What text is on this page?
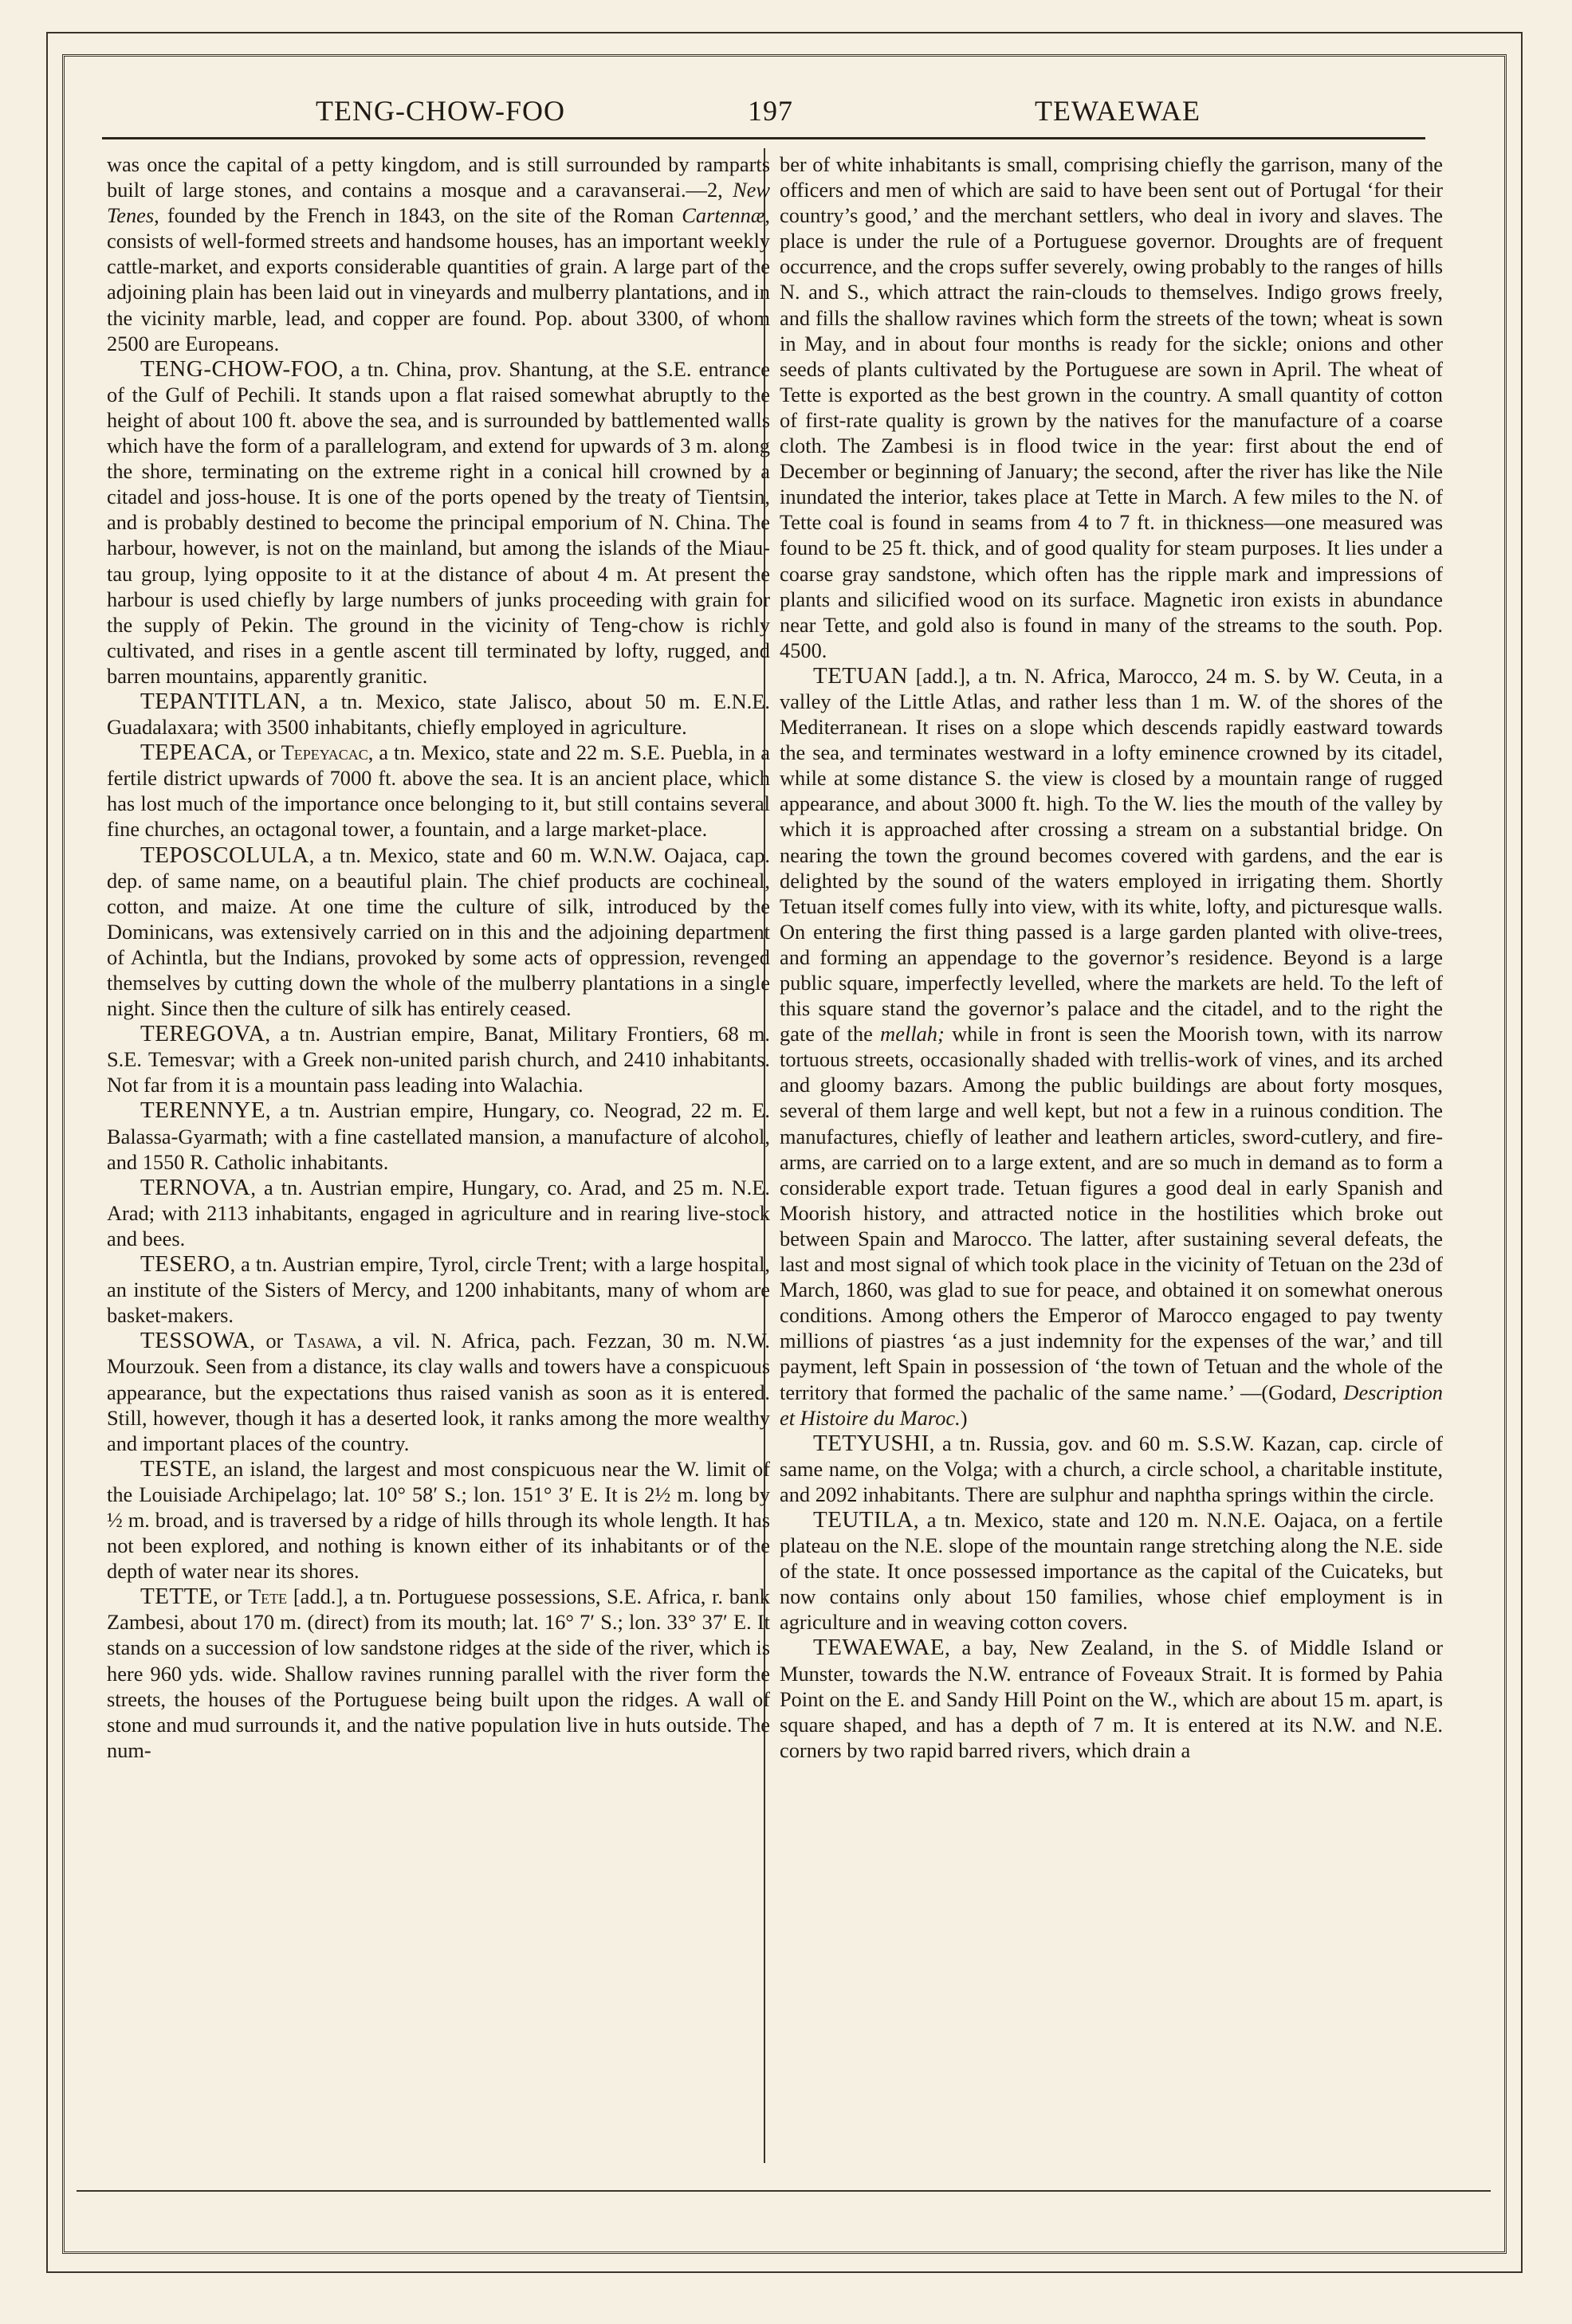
TENG-CHOW-FOO	197	TEWAEWAE

was once the capital of a petty kingdom, and is still surrounded by ramparts built of large stones, and contains a mosque and a caravanserai.—2, New Tenes, founded by the French in 1843, on the site of the Roman Cartennæ, consists of well-formed streets and handsome houses, has an important weekly cattle-market, and exports considerable quantities of grain. A large part of the adjoining plain has been laid out in vineyards and mulberry plantations, and in the vicinity marble, lead, and copper are found. Pop. about 3300, of whom 2500 are Europeans.

TENG-CHOW-FOO, a tn. China, prov. Shantung, at the S.E. entrance of the Gulf of Pechili. It stands upon a flat raised somewhat abruptly to the height of about 100 ft. above the sea, and is surrounded by battlemented walls which have the form of a parallelogram, and extend for upwards of 3 m. along the shore, terminating on the extreme right in a conical hill crowned by a citadel and joss-house. It is one of the ports opened by the treaty of Tientsin, and is probably destined to become the principal emporium of N. China. The harbour, however, is not on the mainland, but among the islands of the Miau-tau group, lying opposite to it at the distance of about 4 m. At present the harbour is used chiefly by large numbers of junks proceeding with grain for the supply of Pekin. The ground in the vicinity of Teng-chow is richly cultivated, and rises in a gentle ascent till terminated by lofty, rugged, and barren mountains, apparently granitic.

TEPANTITLAN, a tn. Mexico, state Jalisco, about 50 m. E.N.E. Guadalaxara; with 3500 inhabitants, chiefly employed in agriculture.

TEPEACA, or Tepeyacac, a tn. Mexico, state and 22 m. S.E. Puebla, in a fertile district upwards of 7000 ft. above the sea. It is an ancient place, which has lost much of the importance once belonging to it, but still contains several fine churches, an octagonal tower, a fountain, and a large market-place.

TEPOSCOLULA, a tn. Mexico, state and 60 m. W.N.W. Oajaca, cap. dep. of same name, on a beautiful plain. The chief products are cochineal, cotton, and maize. At one time the culture of silk, introduced by the Dominicans, was extensively carried on in this and the adjoining department of Achintla, but the Indians, provoked by some acts of oppression, revenged themselves by cutting down the whole of the mulberry plantations in a single night. Since then the culture of silk has entirely ceased.

TEREGOVA, a tn. Austrian empire, Banat, Military Frontiers, 68 m. S.E. Temesvar; with a Greek non-united parish church, and 2410 inhabitants. Not far from it is a mountain pass leading into Walachia.

TERENNYE, a tn. Austrian empire, Hungary, co. Neograd, 22 m. E. Balassa-Gyarmath; with a fine castellated mansion, a manufacture of alcohol, and 1550 R. Catholic inhabitants.

TERNOVA, a tn. Austrian empire, Hungary, co. Arad, and 25 m. N.E. Arad; with 2113 inhabitants, engaged in agriculture and in rearing live-stock and bees.

TESERO, a tn. Austrian empire, Tyrol, circle Trent; with a large hospital, an institute of the Sisters of Mercy, and 1200 inhabitants, many of whom are basket-makers.

TESSOWA, or Tasawa, a vil. N. Africa, pach. Fezzan, 30 m. N.W. Mourzouk. Seen from a distance, its clay walls and towers have a conspicuous appearance, but the expectations thus raised vanish as soon as it is entered. Still, however, though it has a deserted look, it ranks among the more wealthy and important places of the country.

TESTE, an island, the largest and most conspicuous near the W. limit of the Louisiade Archipelago; lat. 10° 58′ S.; lon. 151° 3′ E. It is 2½ m. long by ½ m. broad, and is traversed by a ridge of hills through its whole length. It has not been explored, and nothing is known either of its inhabitants or of the depth of water near its shores.

TETTE, or Tete [add.], a tn. Portuguese possessions, S.E. Africa, r. bank Zambesi, about 170 m. (direct) from its mouth; lat. 16° 7′ S.; lon. 33° 37′ E. It stands on a succession of low sandstone ridges at the side of the river, which is here 960 yds. wide. Shallow ravines running parallel with the river form the streets, the houses of the Portuguese being built upon the ridges. A wall of stone and mud surrounds it, and the native population live in huts outside. The num-

ber of white inhabitants is small, comprising chiefly the garrison, many of the officers and men of which are said to have been sent out of Portugal ‘for their country’s good,’ and the merchant settlers, who deal in ivory and slaves. The place is under the rule of a Portuguese governor. Droughts are of frequent occurrence, and the crops suffer severely, owing probably to the ranges of hills N. and S., which attract the rain-clouds to themselves. Indigo grows freely, and fills the shallow ravines which form the streets of the town; wheat is sown in May, and in about four months is ready for the sickle; onions and other seeds of plants cultivated by the Portuguese are sown in April. The wheat of Tette is exported as the best grown in the country. A small quantity of cotton of first-rate quality is grown by the natives for the manufacture of a coarse cloth. The Zambesi is in flood twice in the year: first about the end of December or beginning of January; the second, after the river has like the Nile inundated the interior, takes place at Tette in March. A few miles to the N. of Tette coal is found in seams from 4 to 7 ft. in thickness—one measured was found to be 25 ft. thick, and of good quality for steam purposes. It lies under a coarse gray sandstone, which often has the ripple mark and impressions of plants and silicified wood on its surface. Magnetic iron exists in abundance near Tette, and gold also is found in many of the streams to the south. Pop. 4500.

TETUAN [add.], a tn. N. Africa, Marocco, 24 m. S. by W. Ceuta, in a valley of the Little Atlas, and rather less than 1 m. W. of the shores of the Mediterranean. It rises on a slope which descends rapidly eastward towards the sea, and terminates westward in a lofty eminence crowned by its citadel, while at some distance S. the view is closed by a mountain range of rugged appearance, and about 3000 ft. high. To the W. lies the mouth of the valley by which it is approached after crossing a stream on a substantial bridge. On nearing the town the ground becomes covered with gardens, and the ear is delighted by the sound of the waters employed in irrigating them. Shortly Tetuan itself comes fully into view, with its white, lofty, and picturesque walls. On entering the first thing passed is a large garden planted with olive-trees, and forming an appendage to the governor’s residence. Beyond is a large public square, imperfectly levelled, where the markets are held. To the left of this square stand the governor’s palace and the citadel, and to the right the gate of the mellah; while in front is seen the Moorish town, with its narrow tortuous streets, occasionally shaded with trellis-work of vines, and its arched and gloomy bazars. Among the public buildings are about forty mosques, several of them large and well kept, but not a few in a ruinous condition. The manufactures, chiefly of leather and leathern articles, sword-cutlery, and fire-arms, are carried on to a large extent, and are so much in demand as to form a considerable export trade. Tetuan figures a good deal in early Spanish and Moorish history, and attracted notice in the hostilities which broke out between Spain and Marocco. The latter, after sustaining several defeats, the last and most signal of which took place in the vicinity of Tetuan on the 23d of March, 1860, was glad to sue for peace, and obtained it on somewhat onerous conditions. Among others the Emperor of Marocco engaged to pay twenty millions of piastres ‘as a just indemnity for the expenses of the war,’ and till payment, left Spain in possession of ‘the town of Tetuan and the whole of the territory that formed the pachalic of the same name.’ —(Godard, Description et Histoire du Maroc.)

TETYUSHI, a tn. Russia, gov. and 60 m. S.S.W. Kazan, cap. circle of same name, on the Volga; with a church, a circle school, a charitable institute, and 2092 inhabitants. There are sulphur and naphtha springs within the circle.

TEUTILA, a tn. Mexico, state and 120 m. N.N.E. Oajaca, on a fertile plateau on the N.E. slope of the mountain range stretching along the N.E. side of the state. It once possessed importance as the capital of the Cuicateks, but now contains only about 150 families, whose chief employment is in agriculture and in weaving cotton covers.

TEWAEWAE, a bay, New Zealand, in the S. of Middle Island or Munster, towards the N.W. entrance of Foveaux Strait. It is formed by Pahia Point on the E. and Sandy Hill Point on the W., which are about 15 m. apart, is square shaped, and has a depth of 7 m. It is entered at its N.W. and N.E. corners by two rapid barred rivers, which drain a
